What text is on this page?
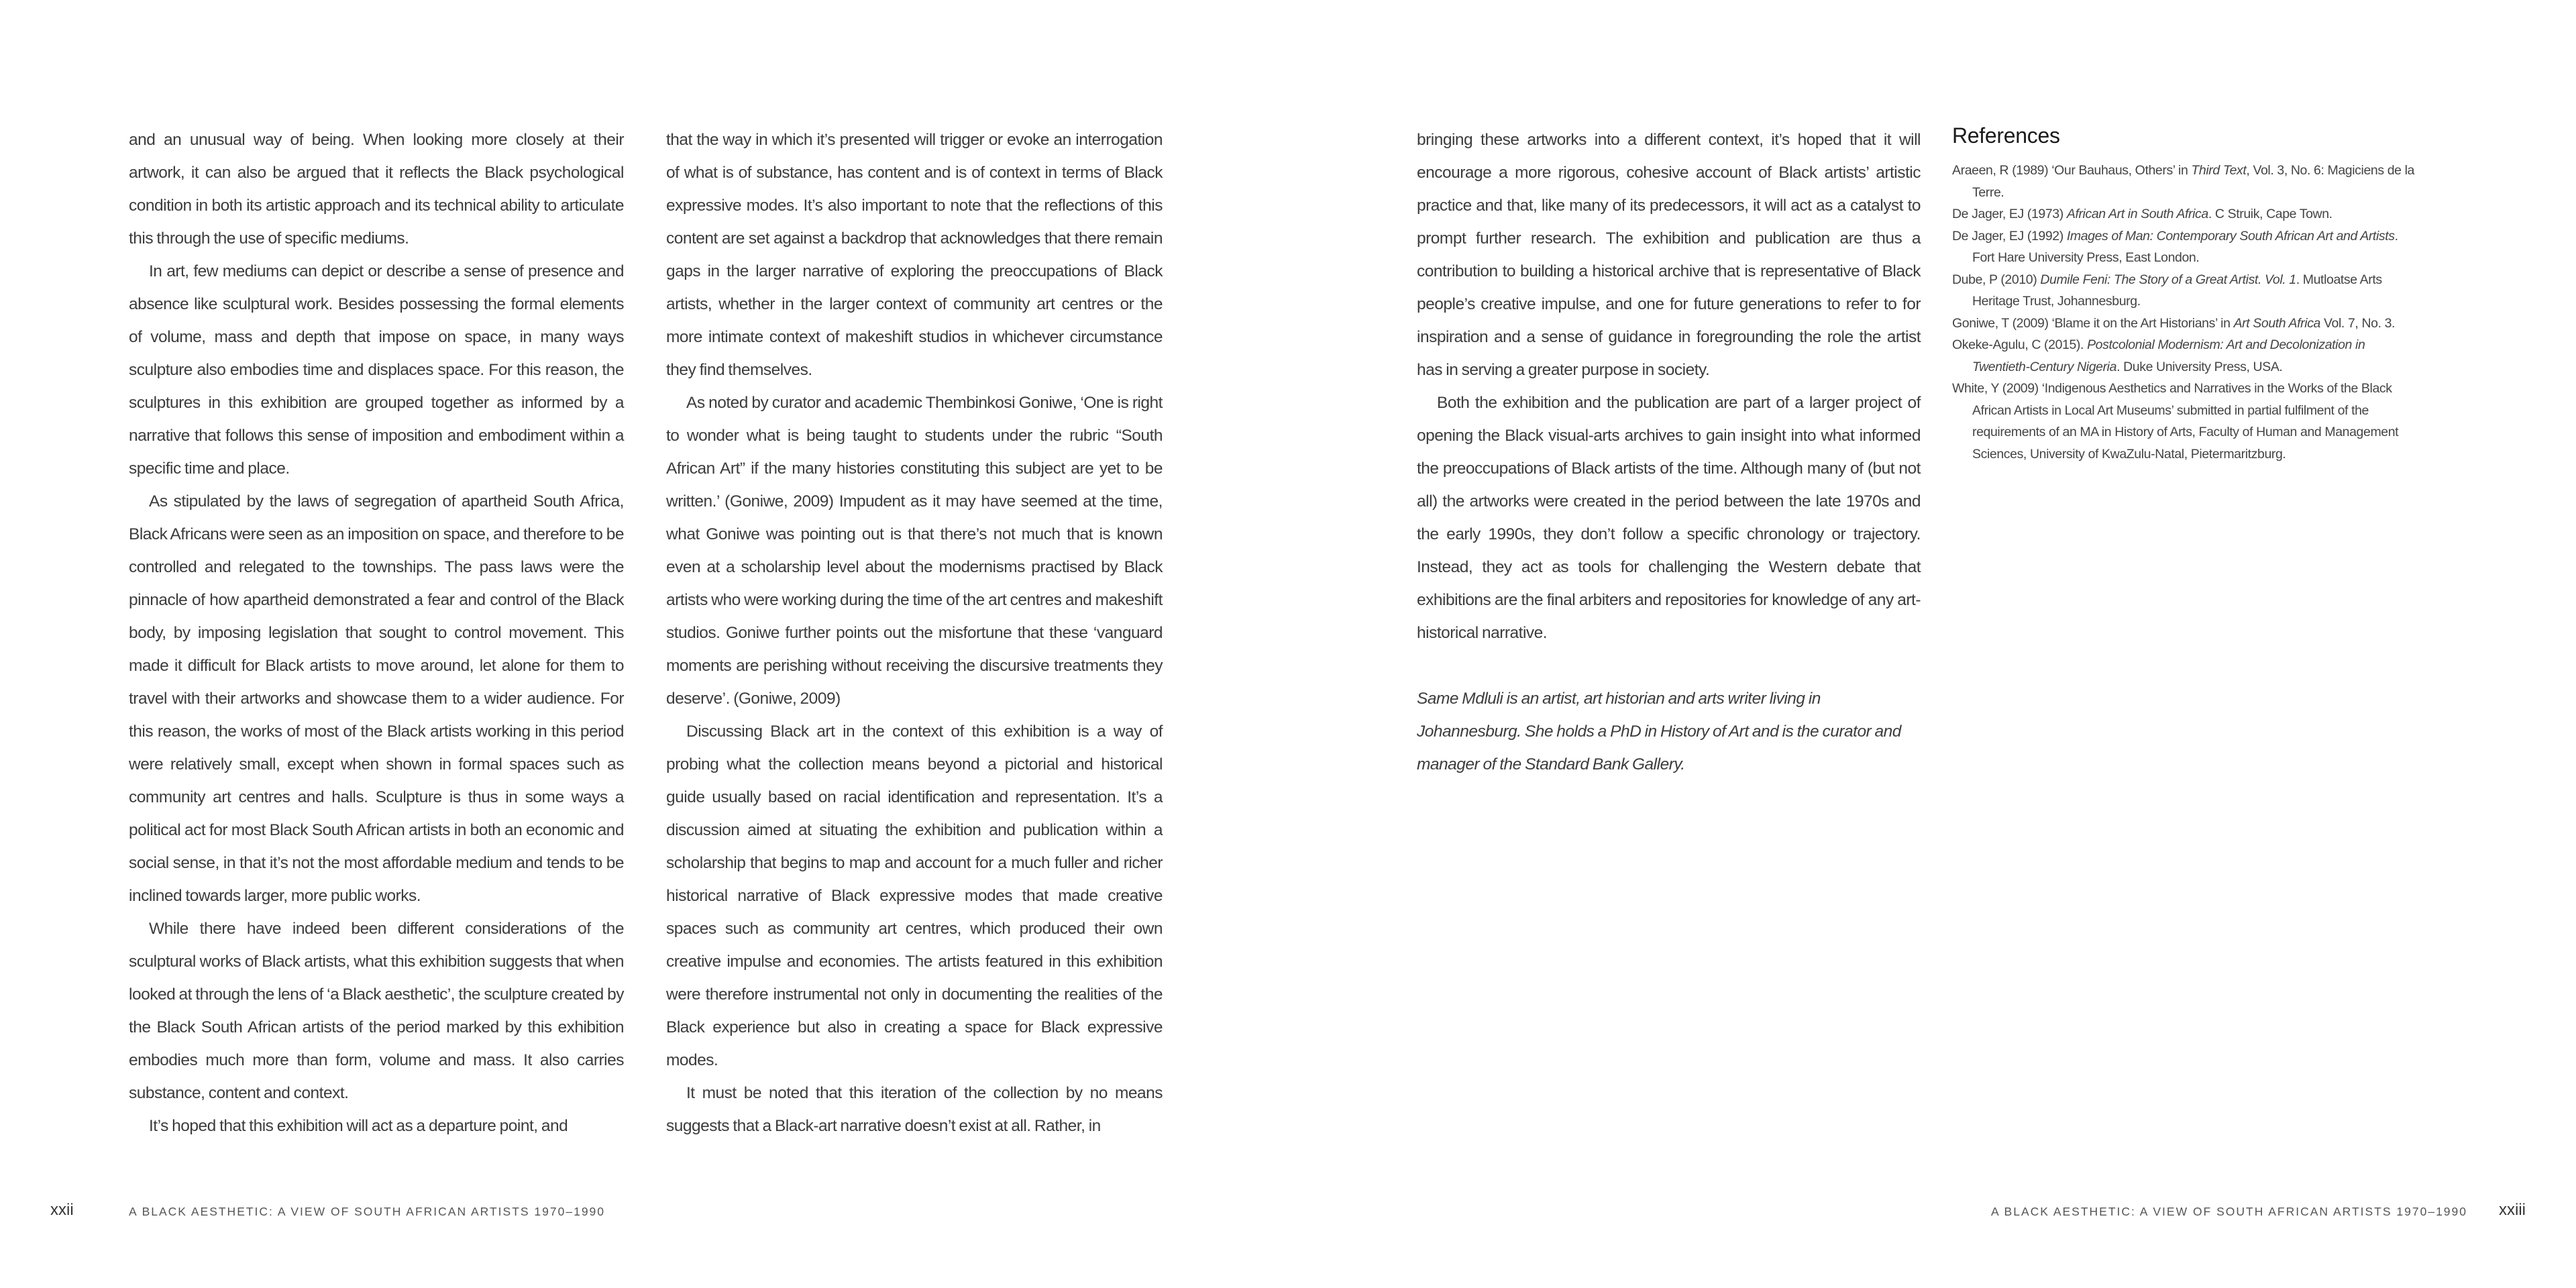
and an unusual way of being. When looking more closely at their artwork, it can also be argued that it reflects the Black psychological condition in both its artistic approach and its technical ability to articulate this through the use of specific mediums.

In art, few mediums can depict or describe a sense of presence and absence like sculptural work. Besides possessing the formal elements of volume, mass and depth that impose on space, in many ways sculpture also embodies time and displaces space. For this reason, the sculptures in this exhibition are grouped together as informed by a narrative that follows this sense of imposition and embodiment within a specific time and place.

As stipulated by the laws of segregation of apartheid South Africa, Black Africans were seen as an imposition on space, and therefore to be controlled and relegated to the townships. The pass laws were the pinnacle of how apartheid demonstrated a fear and control of the Black body, by imposing legislation that sought to control movement. This made it difficult for Black artists to move around, let alone for them to travel with their artworks and showcase them to a wider audience. For this reason, the works of most of the Black artists working in this period were relatively small, except when shown in formal spaces such as community art centres and halls. Sculpture is thus in some ways a political act for most Black South African artists in both an economic and social sense, in that it’s not the most affordable medium and tends to be inclined towards larger, more public works.

While there have indeed been different considerations of the sculptural works of Black artists, what this exhibition suggests that when looked at through the lens of ‘a Black aesthetic’, the sculpture created by the Black South African artists of the period marked by this exhibition embodies much more than form, volume and mass. It also carries substance, content and context.

It’s hoped that this exhibition will act as a departure point, and

that the way in which it’s presented will trigger or evoke an interrogation of what is of substance, has content and is of context in terms of Black expressive modes. It’s also important to note that the reflections of this content are set against a backdrop that acknowledges that there remain gaps in the larger narrative of exploring the preoccupations of Black artists, whether in the larger context of community art centres or the more intimate context of makeshift studios in whichever circumstance they find themselves.

As noted by curator and academic Thembinkosi Goniwe, ‘One is right to wonder what is being taught to students under the rubric “South African Art” if the many histories constituting this subject are yet to be written.’ (Goniwe, 2009) Impudent as it may have seemed at the time, what Goniwe was pointing out is that there’s not much that is known even at a scholarship level about the modernisms practised by Black artists who were working during the time of the art centres and makeshift studios. Goniwe further points out the misfortune that these ‘vanguard moments are perishing without receiving the discursive treatments they deserve’. (Goniwe, 2009)

Discussing Black art in the context of this exhibition is a way of probing what the collection means beyond a pictorial and historical guide usually based on racial identification and representation. It’s a discussion aimed at situating the exhibition and publication within a scholarship that begins to map and account for a much fuller and richer historical narrative of Black expressive modes that made creative spaces such as community art centres, which produced their own creative impulse and economies. The artists featured in this exhibition were therefore instrumental not only in documenting the realities of the Black experience but also in creating a space for Black expressive modes.

It must be noted that this iteration of the collection by no means suggests that a Black-art narrative doesn’t exist at all. Rather, in

xxii	A BLACK AESTHETIC: A VIEW OF SOUTH AFRICAN ARTISTS 1970–1990

bringing these artworks into a different context, it’s hoped that it will encourage a more rigorous, cohesive account of Black artists’ artistic practice and that, like many of its predecessors, it will act as a catalyst to prompt further research. The exhibition and publication are thus a contribution to building a historical archive that is representative of Black people’s creative impulse, and one for future generations to refer to for inspiration and a sense of guidance in foregrounding the role the artist has in serving a greater purpose in society.

Both the exhibition and the publication are part of a larger project of opening the Black visual-arts archives to gain insight into what informed the preoccupations of Black artists of the time. Although many of (but not all) the artworks were created in the period between the late 1970s and the early 1990s, they don’t follow a specific chronology or trajectory. Instead, they act as tools for challenging the Western debate that exhibitions are the final arbiters and repositories for knowledge of any art-historical narrative.

Same Mdluli is an artist, art historian and arts writer living in Johannesburg. She holds a PhD in History of Art and is the curator and manager of the Standard Bank Gallery.

References

Araeen, R (1989) ‘Our Bauhaus, Others’ in Third Text, Vol. 3, No. 6: Magiciens de la Terre.

De Jager, EJ (1973) African Art in South Africa. C Struik, Cape Town.

De Jager, EJ (1992) Images of Man: Contemporary South African Art and Artists. Fort Hare University Press, East London.

Dube, P (2010) Dumile Feni: The Story of a Great Artist. Vol. 1. Mutloatse Arts Heritage Trust, Johannesburg.

Goniwe, T (2009) ‘Blame it on the Art Historians’ in Art South Africa Vol. 7, No. 3.

Okeke-Agulu, C (2015). Postcolonial Modernism: Art and Decolonization in Twentieth-Century Nigeria. Duke University Press, USA.

White, Y (2009) ‘Indigenous Aesthetics and Narratives in the Works of the Black African Artists in Local Art Museums’ submitted in partial fulfilment of the requirements of an MA in History of Arts, Faculty of Human and Management Sciences, University of KwaZulu-Natal, Pietermaritzburg.

A BLACK AESTHETIC: A VIEW OF SOUTH AFRICAN ARTISTS 1970–1990 xxiii
